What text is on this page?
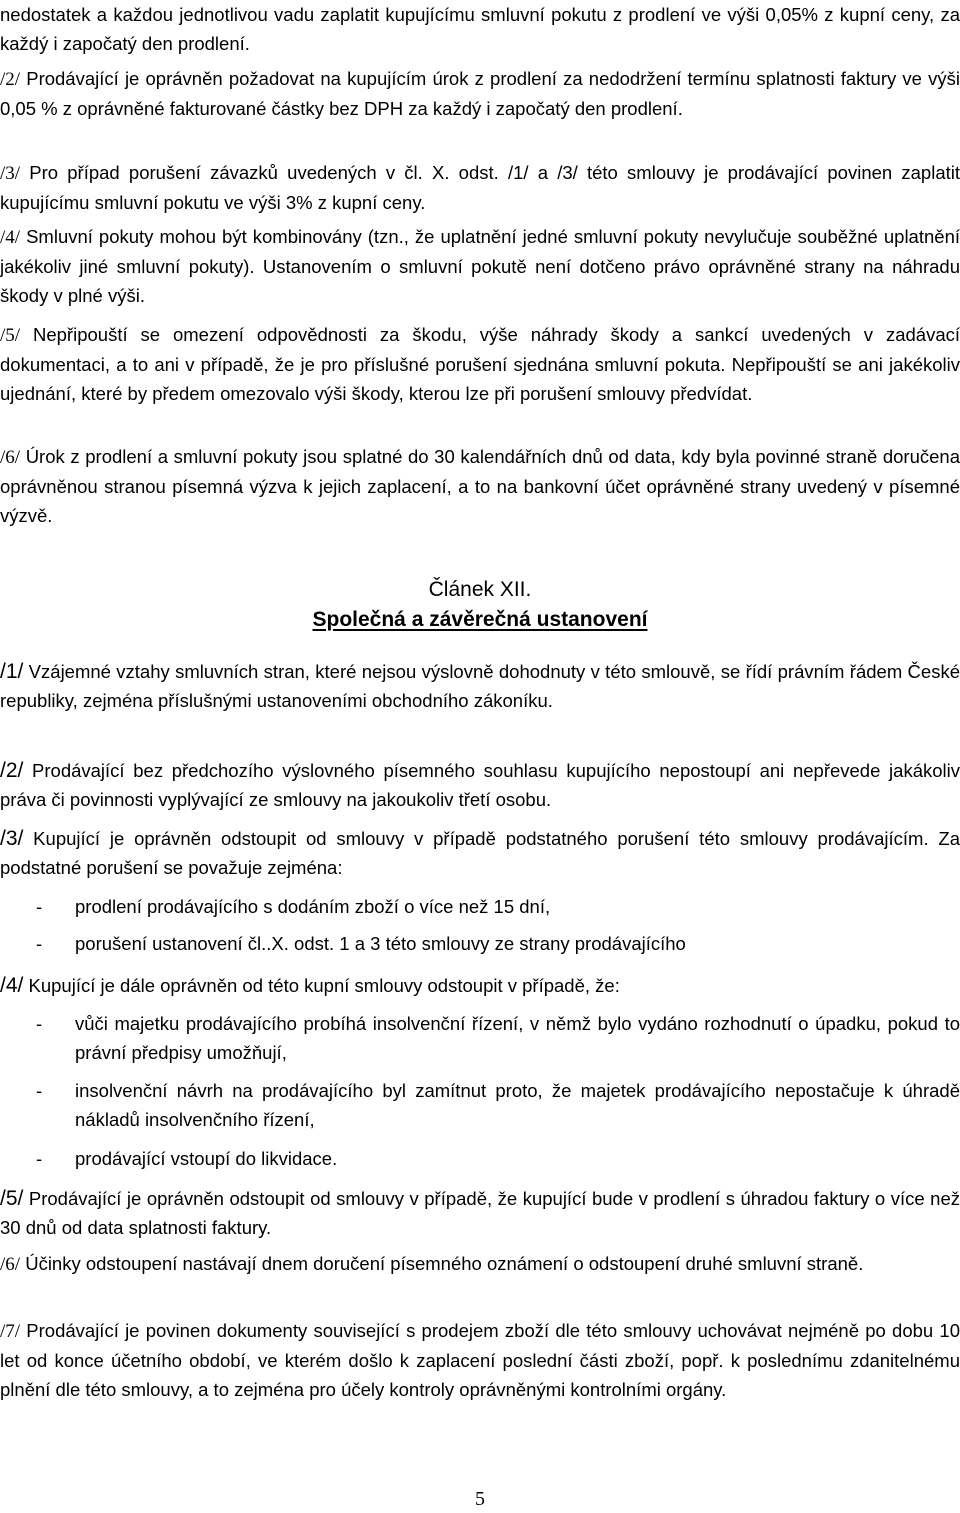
nedostatek a každou jednotlivou vadu zaplatit kupujícímu smluvní pokutu z prodlení ve výši 0,05% z kupní ceny, za každý i započatý den prodlení.

/2/ Prodávající je oprávněn požadovat na kupujícím úrok z prodlení za nedodržení termínu splatnosti faktury ve výši 0,05 % z oprávněné fakturované částky bez DPH za každý i započatý den prodlení.

/3/ Pro případ porušení závazků uvedených v čl. X. odst. /1/ a /3/ této smlouvy je prodávající povinen zaplatit kupujícímu smluvní pokutu ve výši 3% z kupní ceny.

/4/ Smluvní pokuty mohou být kombinovány (tzn., že uplatnění jedné smluvní pokuty nevylučuje souběžné uplatnění jakékoliv jiné smluvní pokuty). Ustanovením o smluvní pokutě není dotčeno právo oprávněné strany na náhradu škody v plné výši.

/5/ Nepřipouští se omezení odpovědnosti za škodu, výše náhrady škody a sankcí uvedených v zadávací dokumentaci, a to ani v případě, že je pro příslušné porušení sjednána smluvní pokuta. Nepřipouští se ani jakékoliv ujednání, které by předem omezovalo výši škody, kterou lze při porušení smlouvy předvídat.

/6/ Úrok z prodlení a smluvní pokuty jsou splatné do 30 kalendářních dnů od data, kdy byla povinné straně doručena oprávněnou stranou písemná výzva k jejich zaplacení, a to na bankovní účet oprávněné strany uvedený v písemné výzvě.

Článek XII.
Společná a závěrečná ustanovení

/1/ Vzájemné vztahy smluvních stran, které nejsou výslovně dohodnuty v této smlouvě, se řídí právním řádem České republiky, zejména příslušnými ustanoveními obchodního zákoníku.

/2/ Prodávající bez předchozího výslovného písemného souhlasu kupujícího nepostoupí ani nepřevede jakákoliv práva či povinnosti vyplývající ze smlouvy na jakoukoliv třetí osobu.

/3/ Kupující je oprávněn odstoupit od smlouvy v případě podstatného porušení této smlouvy prodávajícím. Za podstatné porušení se považuje zejména:

- prodlení prodávajícího s dodáním zboží o více než 15 dní,

- porušení ustanovení čl..X. odst. 1 a 3 této smlouvy ze strany prodávajícího

/4/ Kupující je dále oprávněn od této kupní smlouvy odstoupit v případě, že:

- vůči majetku prodávajícího probíhá insolvenční řízení, v němž bylo vydáno rozhodnutí o úpadku, pokud to právní předpisy umožňují,

- insolvenční návrh na prodávajícího byl zamítnut proto, že majetek prodávajícího nepostačuje k úhradě nákladů insolvenčního řízení,

- prodávající vstoupí do likvidace.

/5/ Prodávající je oprávněn odstoupit od smlouvy v případě, že kupující bude v prodlení s úhradou faktury o více než 30 dnů od data splatnosti faktury.

/6/ Účinky odstoupení nastávají dnem doručení písemného oznámení o odstoupení druhé smluvní straně.

/7/ Prodávající je povinen dokumenty související s prodejem zboží dle této smlouvy uchovávat nejméně po dobu 10 let od konce účetního období, ve kterém došlo k zaplacení poslední části zboží, popř. k poslednímu zdanitelnému plnění dle této smlouvy, a to zejména pro účely kontroly oprávněnými kontrolními orgány.

5
